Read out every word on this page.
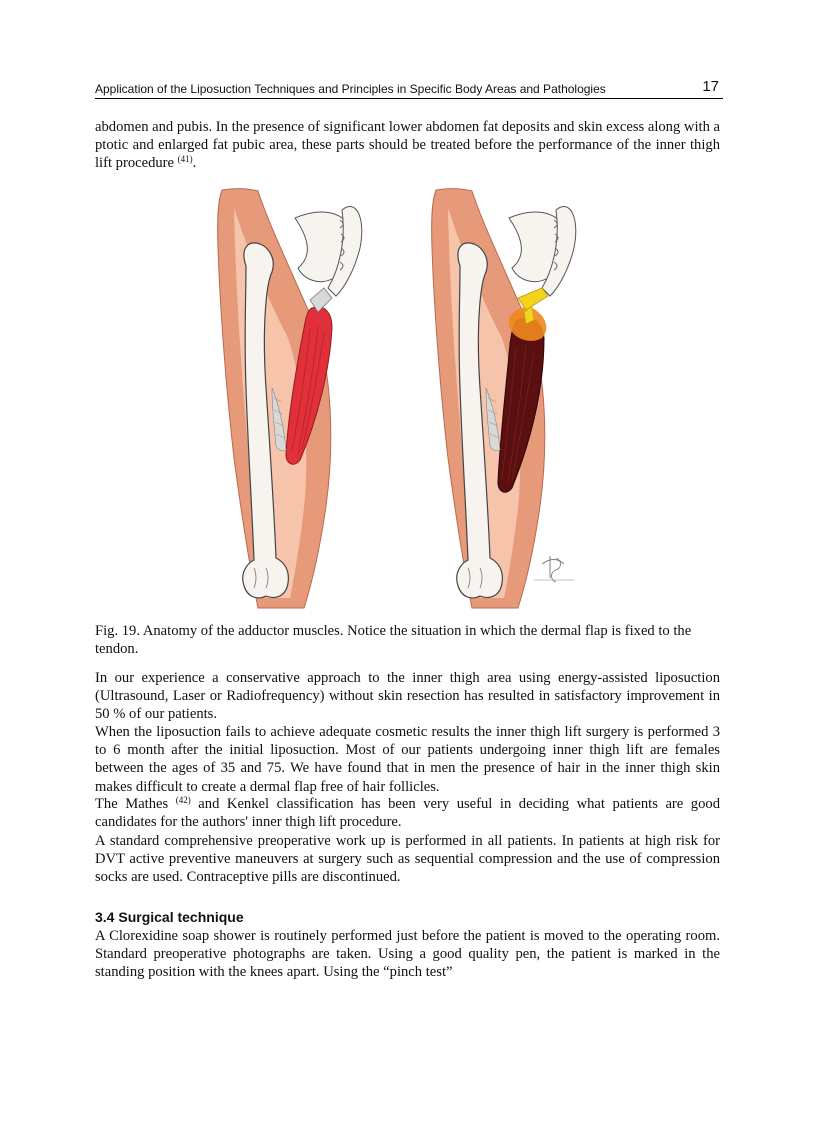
Application of the Liposuction Techniques and Principles in Specific Body Areas and Pathologies	17

abdomen and pubis. In the presence of significant lower abdomen fat deposits and skin excess along with a ptotic and enlarged fat pubic area, these parts should be treated before the performance of the inner thigh lift procedure $^{(41)}$.

Fig. 19. Anatomy of the adductor muscles. Notice the situation in which the dermal flap is fixed to the tendon.

In our experience a conservative approach to the inner thigh area using energy-assisted liposuction (Ultrasound, Laser or Radiofrequency) without skin resection has resulted in satisfactory improvement in 50 % of our patients.

When the liposuction fails to achieve adequate cosmetic results the inner thigh lift surgery is performed 3 to 6 month after the initial liposuction. Most of our patients undergoing inner thigh lift are females between the ages of 35 and 75. We have found that in men the presence of hair in the inner thigh skin makes difficult to create a dermal flap free of hair follicles.

The Mathes $^{(42)}$ and Kenkel classification has been very useful in deciding what patients are good candidates for the authors' inner thigh lift procedure.

A standard comprehensive preoperative work up is performed in all patients. In patients at high risk for DVT active preventive maneuvers at surgery such as sequential compression and the use of compression socks are used. Contraceptive pills are discontinued.

3.4 Surgical technique

A Clorexidine soap shower is routinely performed just before the patient is moved to the operating room. Standard preoperative photographs are taken. Using a good quality pen, the patient is marked in the standing position with the knees apart. Using the “pinch test”
